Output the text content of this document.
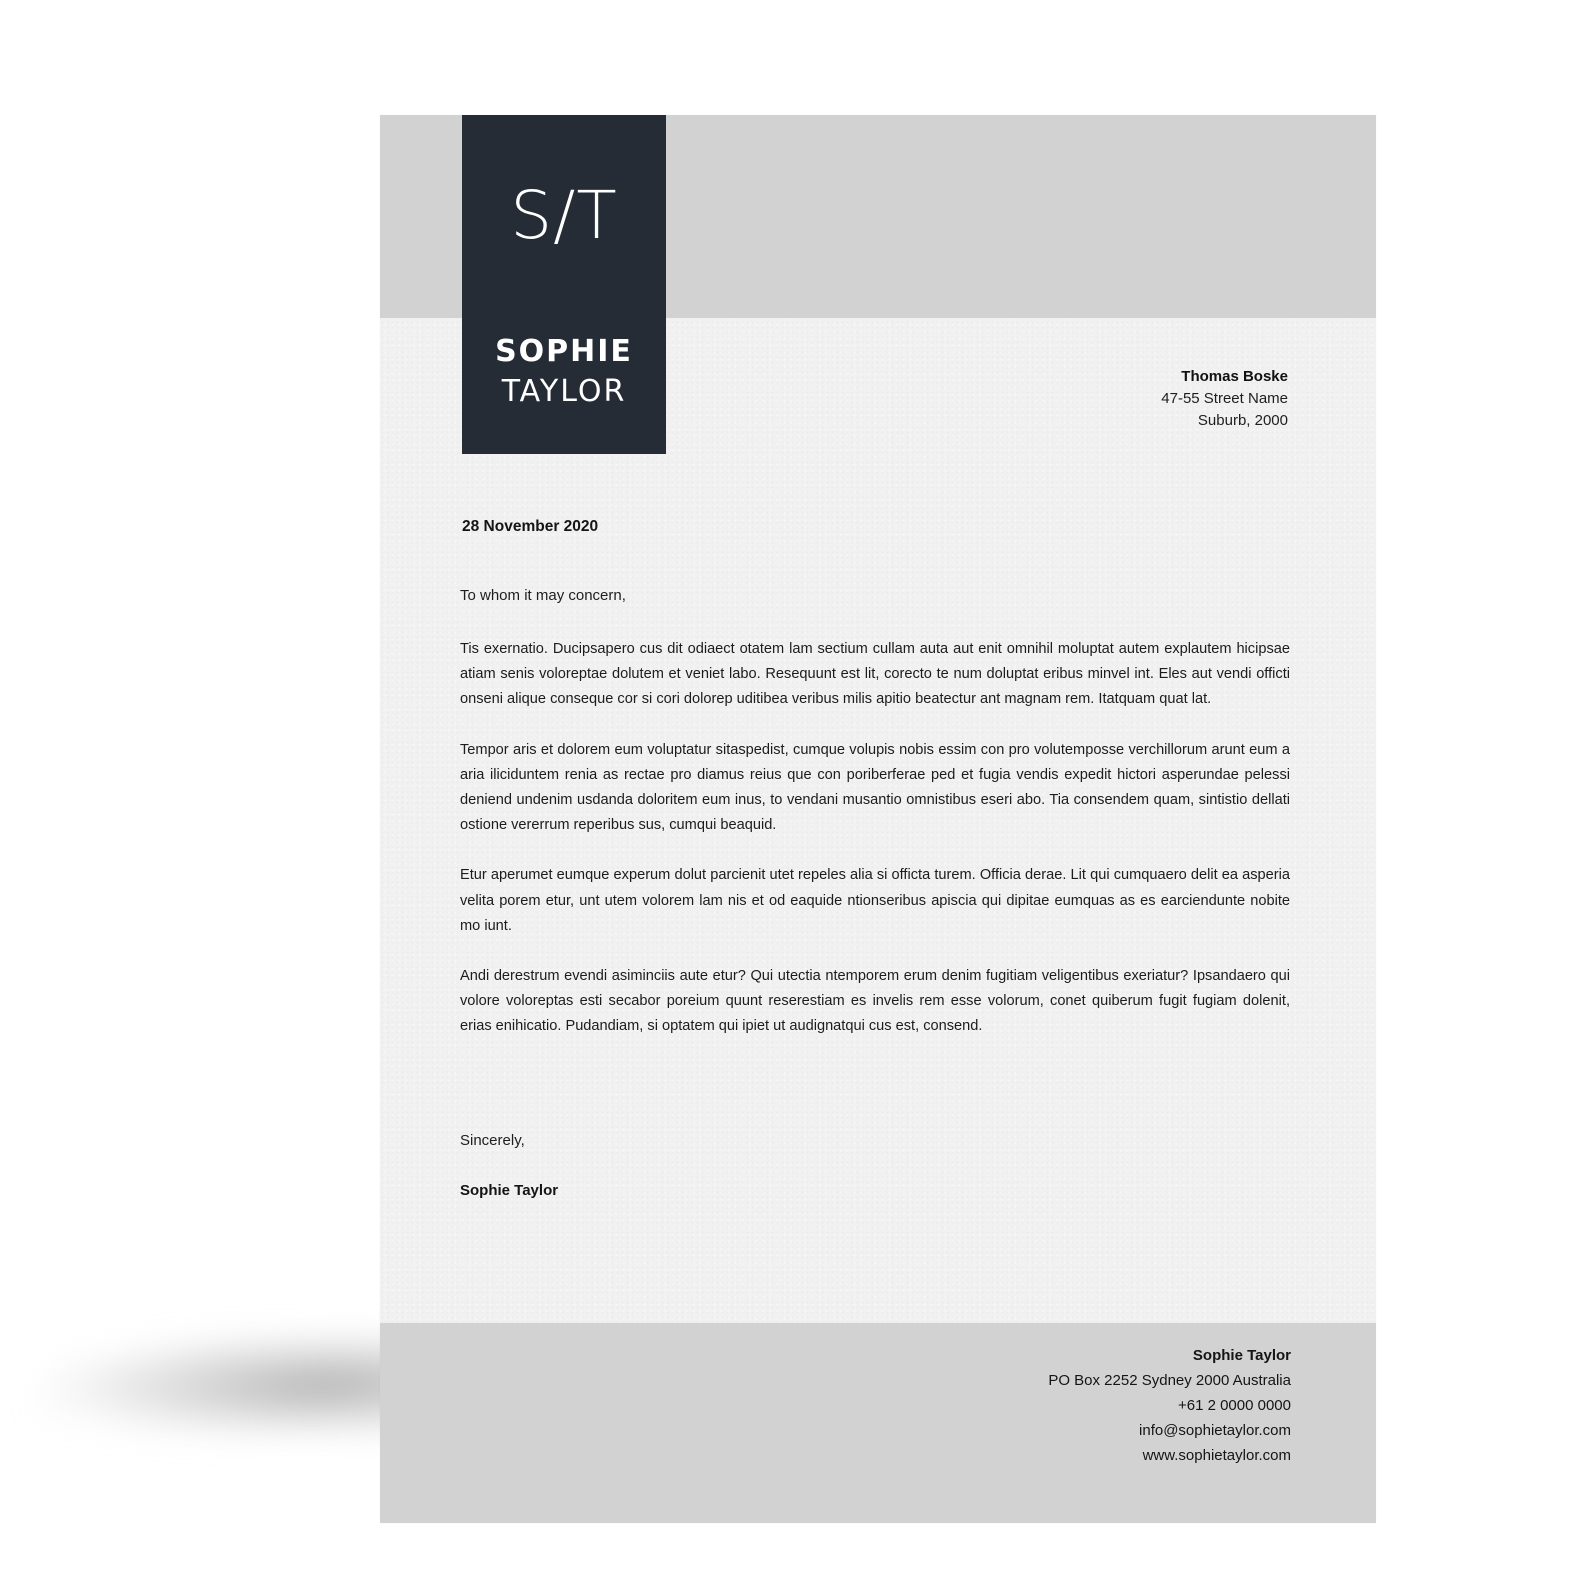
S/T
SOPHIE
TAYLOR	Thomas Boske
47-55 Street Name
Suburb, 2000
28 November 2020
To whom it may concern,

Tis exernatio. Ducipsapero cus dit odiaect otatem lam sectium cullam auta aut enit omnihil moluptat autem explautem hicipsae atiam senis voloreptae dolutem et veniet labo. Resequunt est lit, corecto te num doluptat eribus minvel int. Eles aut vendi officti onseni alique conseque cor si cori dolorep uditibea veribus milis apitio beatectur ant magnam rem. Itatquam quat lat.

Tempor aris et dolorem eum voluptatur sitaspedist, cumque volupis nobis essim con pro volutemposse verchillorum arunt eum a aria iliciduntem renia as rectae pro diamus reius que con poriberferae ped et fugia vendis expedit hictori asperundae pelessi deniend undenim usdanda doloritem eum inus, to vendani musantio omnistibus eseri abo. Tia consendem quam, sintistio dellati ostione vererrum reperibus sus, cumqui beaquid.

Etur aperumet eumque experum dolut parcienit utet repeles alia si officta turem. Officia derae. Lit qui cumquaero delit ea asperia velita porem etur, unt utem volorem lam nis et od eaquide ntionseribus apiscia qui dipitae eumquas as es earciendunte nobite mo iunt.

Andi derestrum evendi asiminciis aute etur? Qui utectia ntemporem erum denim fugitiam veligentibus exeriatur? Ipsandaero qui volore voloreptas esti secabor poreium quunt reserestiam es invelis rem esse volorum, conet quiberum fugit fugiam dolenit, erias enihicatio. Pudandiam, si optatem qui ipiet ut audignatqui cus est, consend.

Sincerely,
Sophie Taylor
Sophie Taylor
PO Box 2252 Sydney 2000 Australia
+61 2 0000 0000
info@sophietaylor.com
www.sophietaylor.com
